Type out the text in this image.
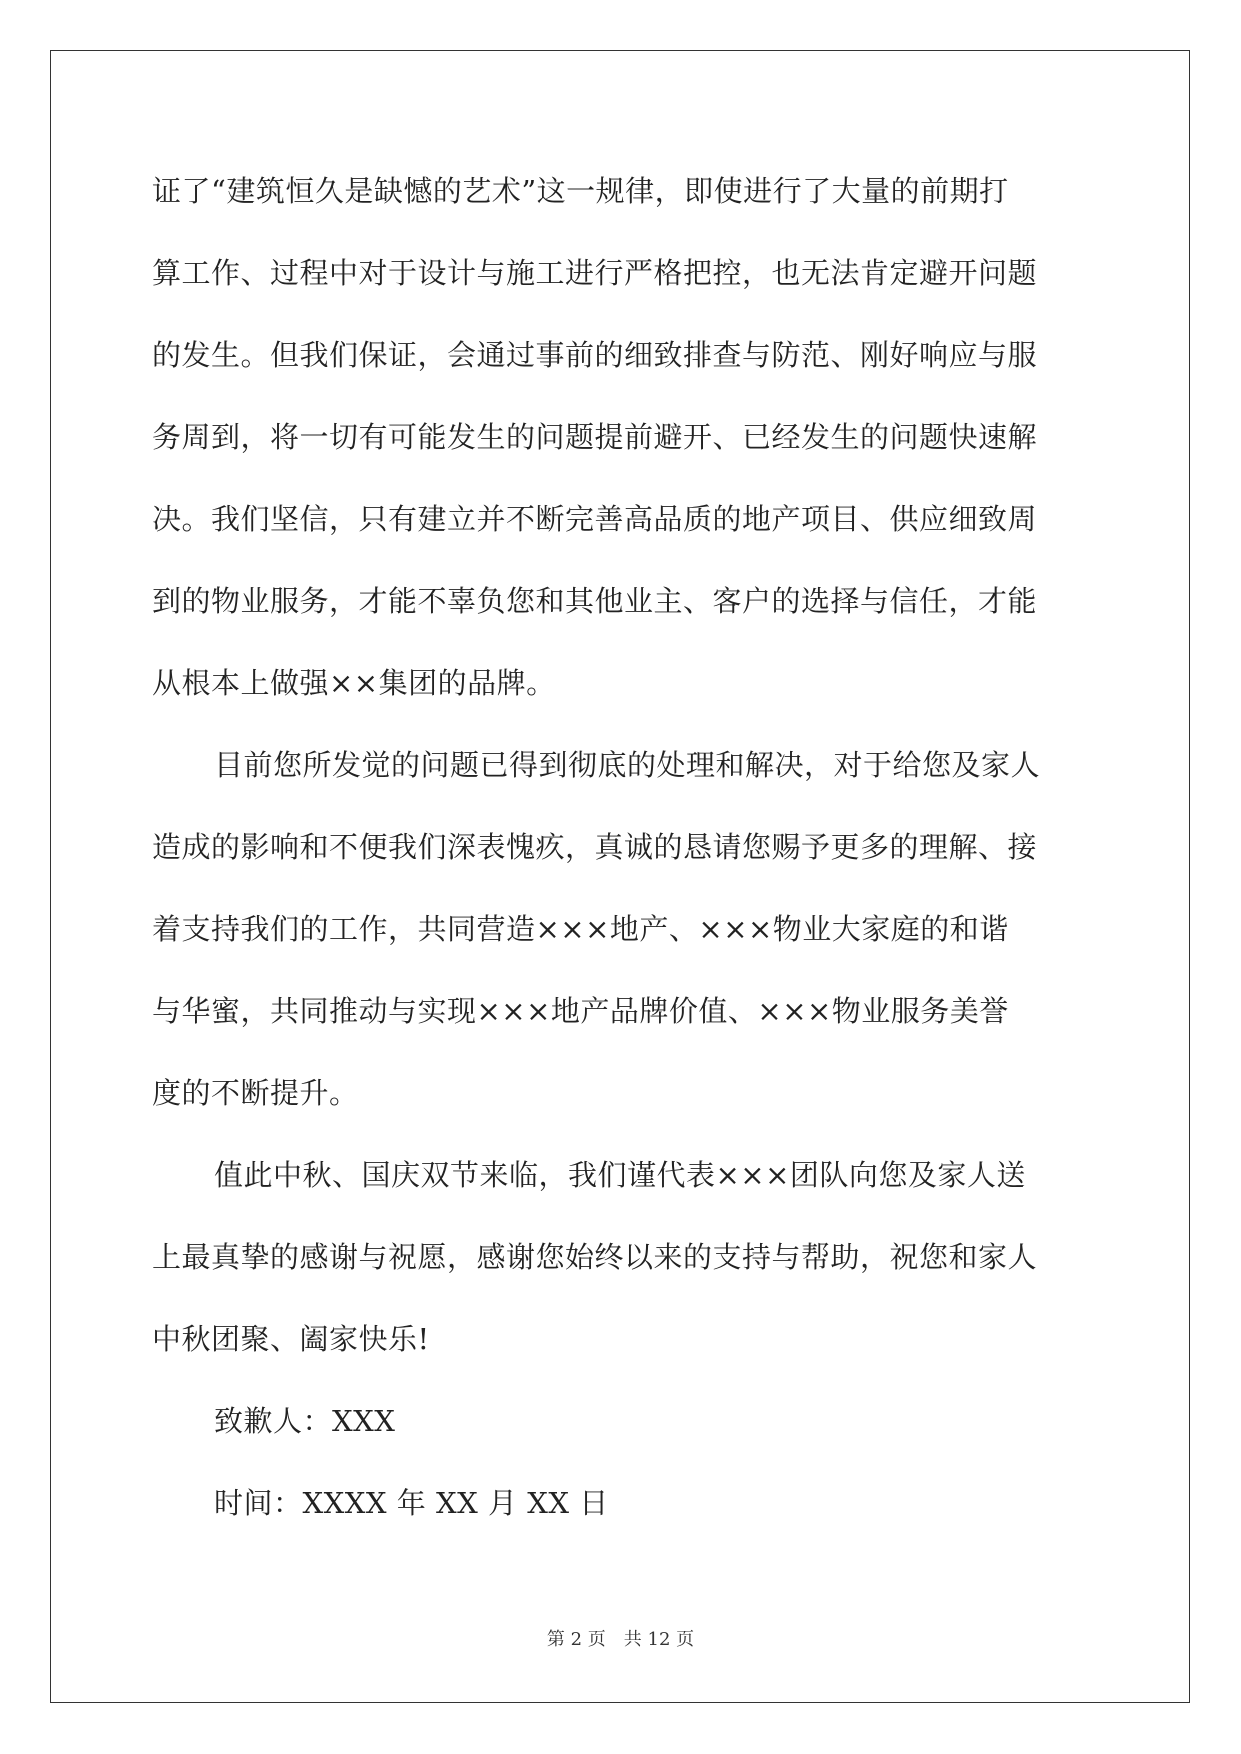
证了“建筑恒久是缺憾的艺术”这一规律，即使进行了大量的前期打
算工作、过程中对于设计与施工进行严格把控，也无法肯定避开问题
的发生。但我们保证，会通过事前的细致排查与防范、刚好响应与服
务周到，将一切有可能发生的问题提前避开、已经发生的问题快速解
决。我们坚信，只有建立并不断完善高品质的地产项目、供应细致周
到的物业服务，才能不辜负您和其他业主、客户的选择与信任，才能
从根本上做强××集团的品牌。
目前您所发觉的问题已得到彻底的处理和解决，对于给您及家人
造成的影响和不便我们深表愧疚，真诚的恳请您赐予更多的理解、接
着支持我们的工作，共同营造×××地产、×××物业大家庭的和谐
与华蜜，共同推动与实现×××地产品牌价值、×××物业服务美誉
度的不断提升。
值此中秋、国庆双节来临，我们谨代表×××团队向您及家人送
上最真挚的感谢与祝愿，感谢您始终以来的支持与帮助，祝您和家人
中秋团聚、阖家快乐!
致歉人：XXX
时间：XXXX 年 XX 月 XX 日
第 2 页　共 12 页
